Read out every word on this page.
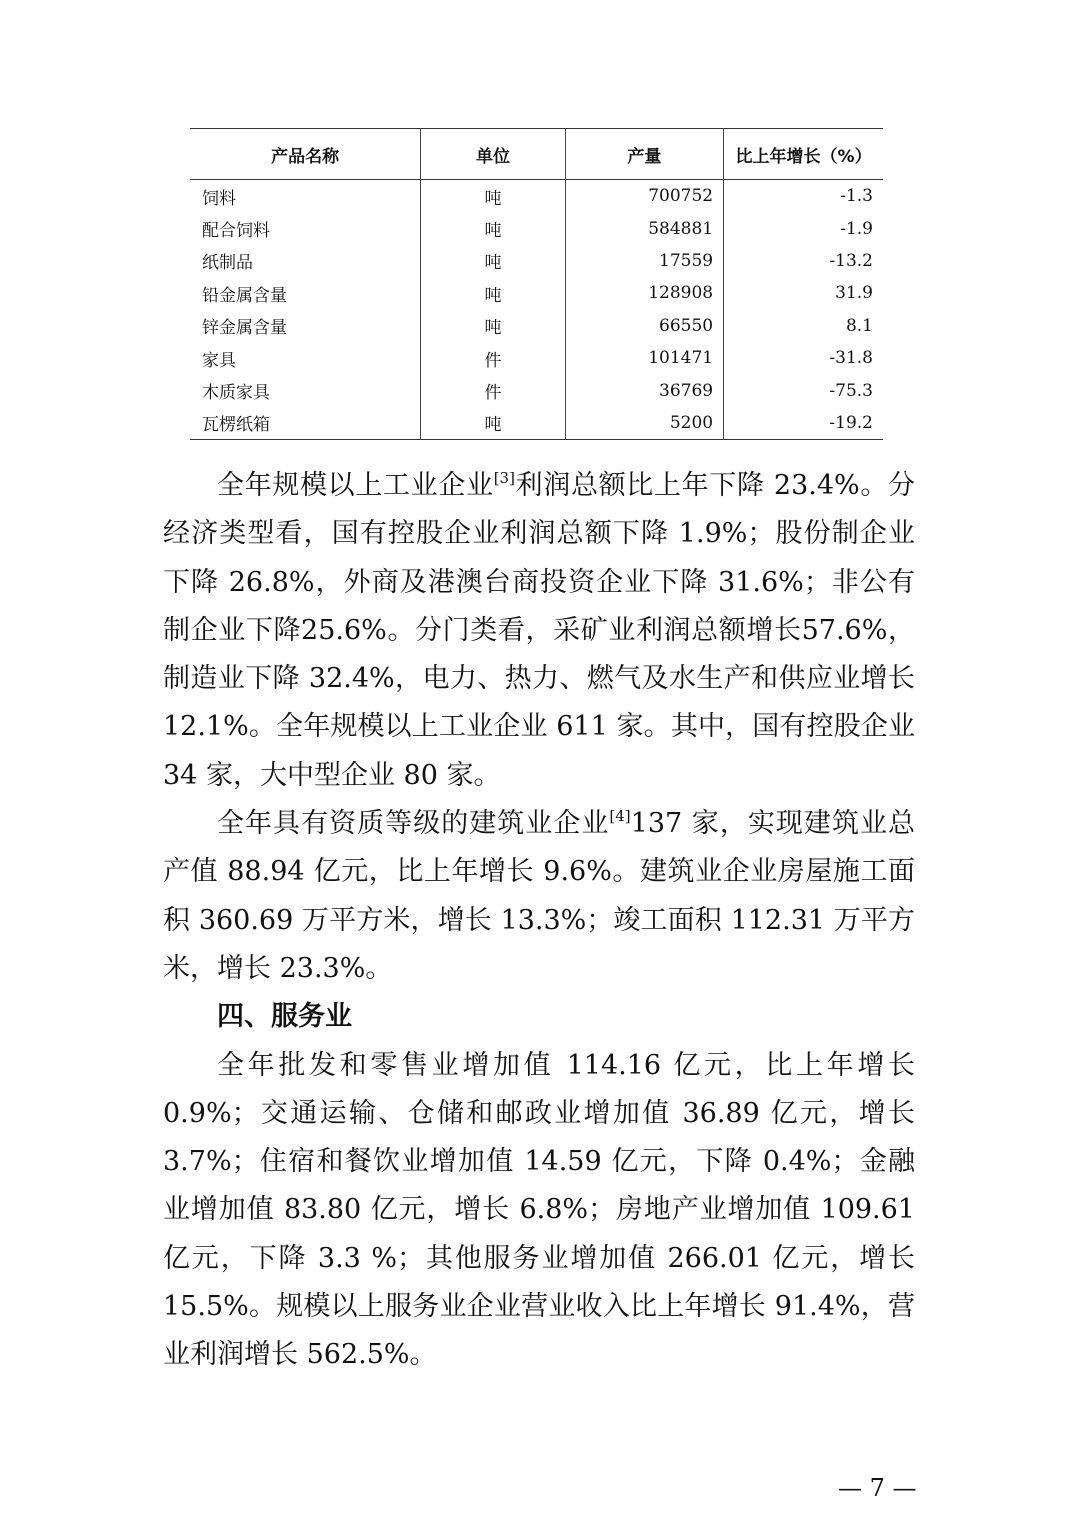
产品名称	单位	产量	比上年增长（%）
饲料	吨	700752	-1.3
配合饲料	吨	584881	-1.9
纸制品	吨	17559	-13.2
铅金属含量	吨	128908	31.9
锌金属含量	吨	66550	8.1
家具	件	101471	-31.8
木质家具	件	36769	-75.3
瓦楞纸箱	吨	5200	-19.2

全年规模以上工业企业[3]利润总额比上年下降 23.4%。分经济类型看，国有控股企业利润总额下降 1.9%；股份制企业下降 26.8%，外商及港澳台商投资企业下降 31.6%；非公有制企业下降25.6%。分门类看，采矿业利润总额增长57.6%，制造业下降 32.4%，电力、热力、燃气及水生产和供应业增长 12.1%。全年规模以上工业企业 611 家。其中，国有控股企业 34 家，大中型企业 80 家。

全年具有资质等级的建筑业企业[4]137 家，实现建筑业总产值 88.94 亿元，比上年增长 9.6%。建筑业企业房屋施工面积 360.69 万平方米，增长 13.3%；竣工面积 112.31 万平方米，增长 23.3%。

四、服务业

全年批发和零售业增加值 114.16 亿元，比上年增长 0.9%；交通运输、仓储和邮政业增加值 36.89 亿元，增长 3.7%；住宿和餐饮业增加值 14.59 亿元，下降 0.4%；金融业增加值 83.80 亿元，增长 6.8%；房地产业增加值 109.61 亿元，下降 3.3 %；其他服务业增加值 266.01 亿元，增长 15.5%。规模以上服务业企业营业收入比上年增长 91.4%，营业利润增长 562.5%。

— 7 —
